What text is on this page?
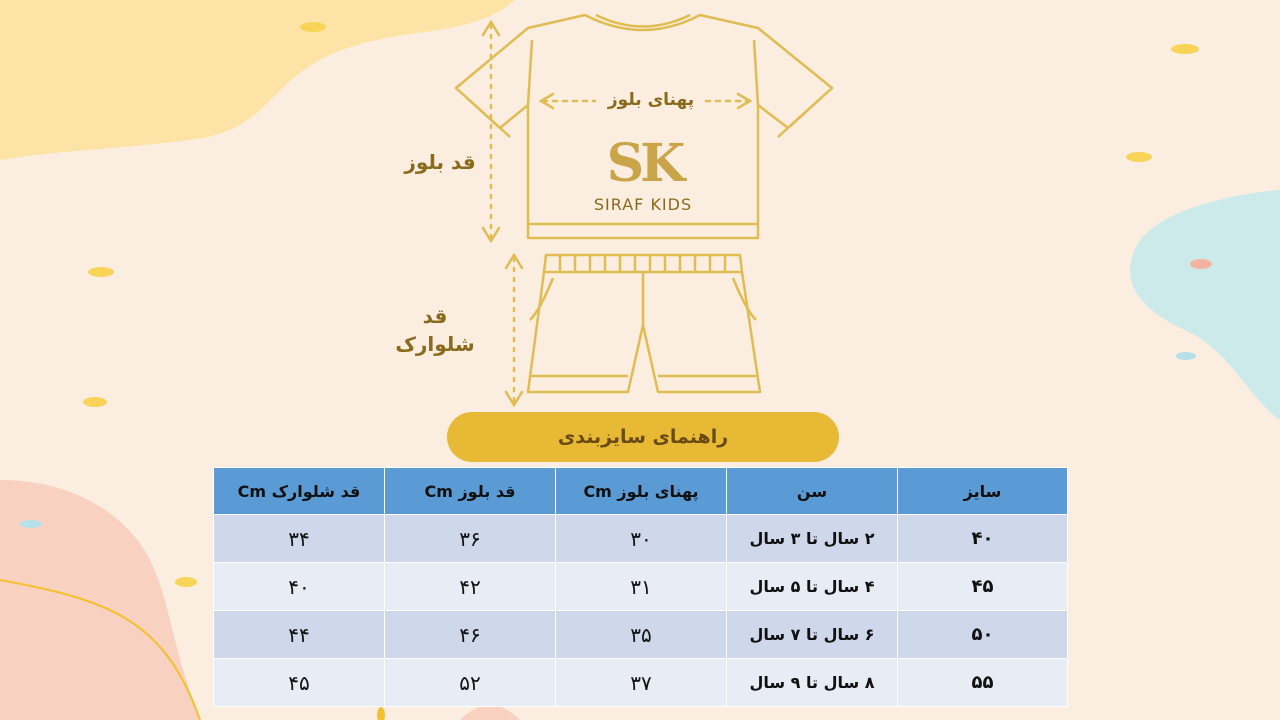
پهنای بلوز
قد بلوز
قد
شلوارک
SK
SIRAF KIDS
راهنمای سایزبندی
سایز	سن	پهنای بلوز Cm	قد بلوز Cm	قد شلوارک Cm
۴۰	۲ سال تا ۳ سال	۳۰	۳۶	۳۴
۴۵	۴ سال تا ۵ سال	۳۱	۴۲	۴۰
۵۰	۶ سال تا ۷ سال	۳۵	۴۶	۴۴
۵۵	۸ سال تا ۹ سال	۳۷	۵۲	۴۵
